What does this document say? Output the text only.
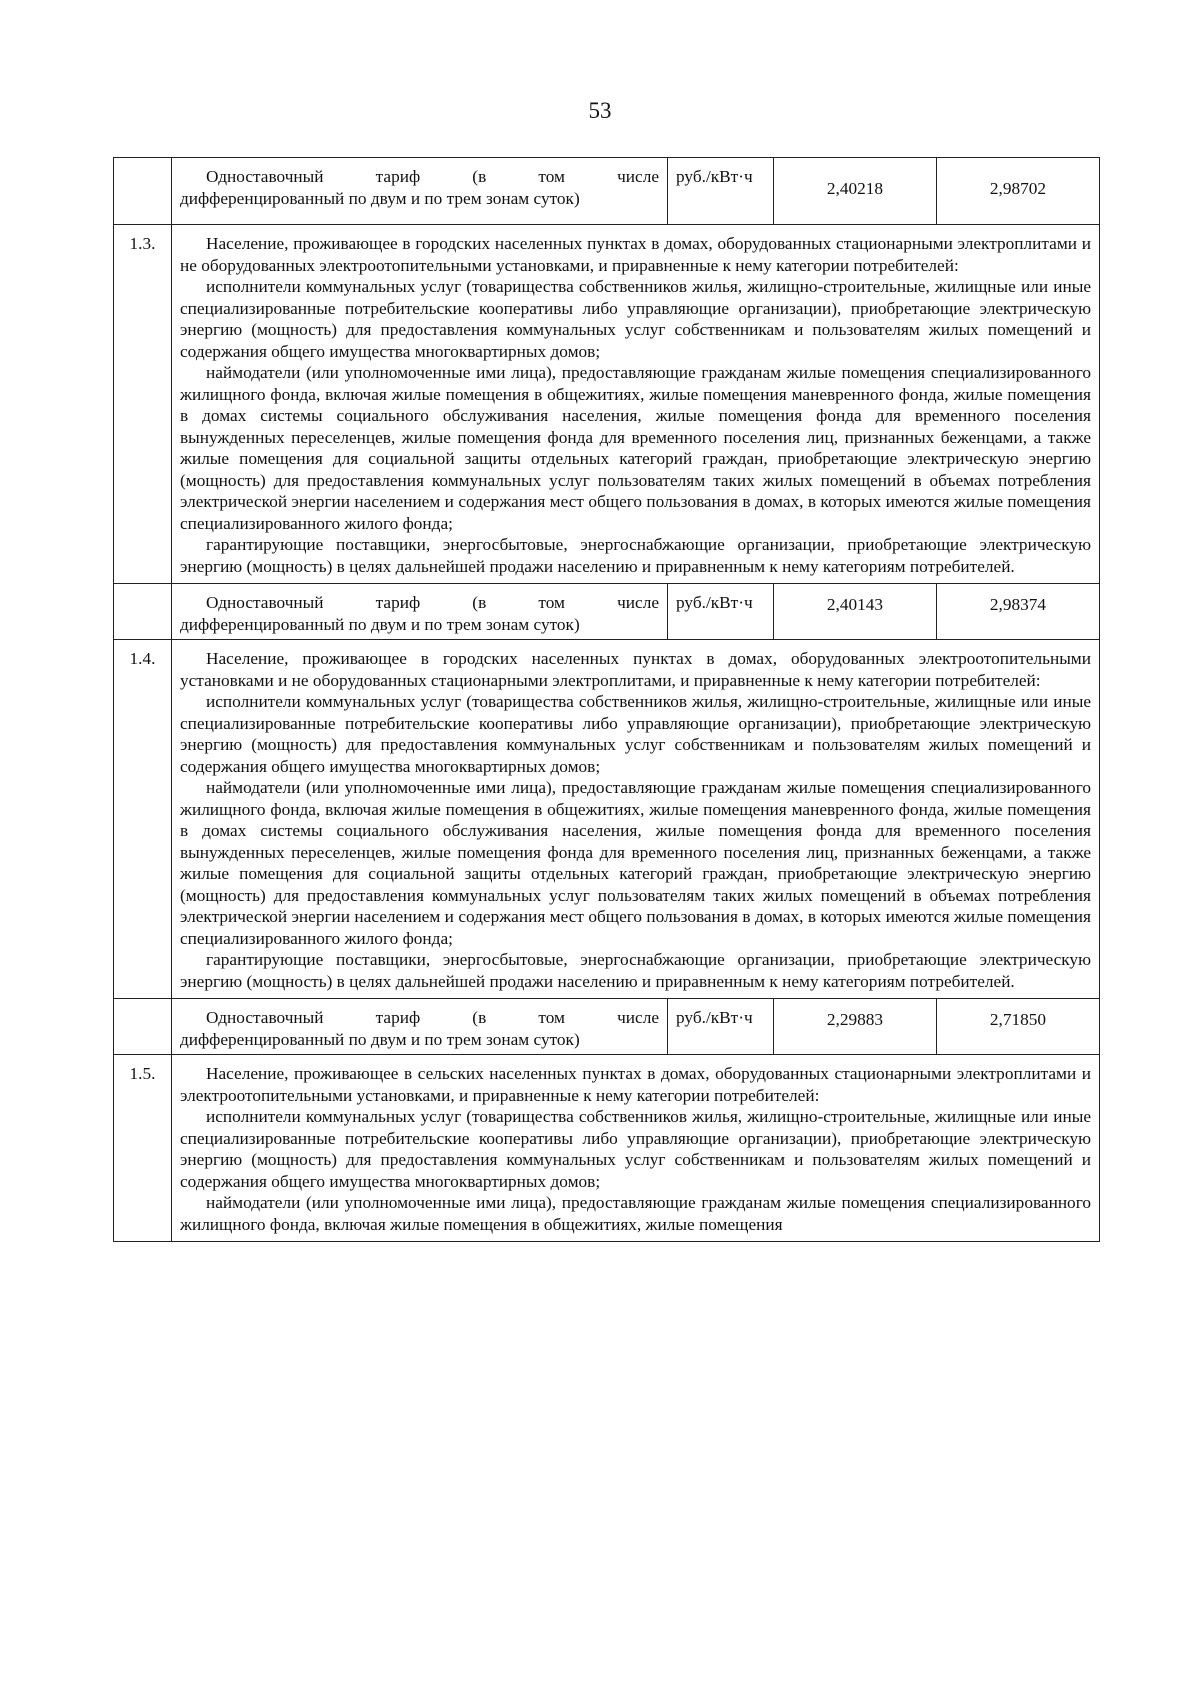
53

	Одноставочный тариф (в том числе
дифференцированный по двум и по трем зонам суток)	руб./кВт·ч	2,40218	2,98702
1.3.	Население, проживающее в городских населенных пунктах в домах, оборудованных стационарными электроплитами и не оборудованных электроотопительными установками, и приравненные к нему категории потребителей:

исполнители коммунальных услуг (товарищества собственников жилья, жилищно-строительные, жилищные или иные специализированные потребительские кооперативы либо управляющие организации), приобретающие электрическую энергию (мощность) для предоставления коммунальных услуг собственникам и пользователям жилых помещений и содержания общего имущества многоквартирных домов;

наймодатели (или уполномоченные ими лица), предоставляющие гражданам жилые помещения специализированного жилищного фонда, включая жилые помещения в общежитиях, жилые помещения маневренного фонда, жилые помещения в домах системы социального обслуживания населения, жилые помещения фонда для временного поселения вынужденных переселенцев, жилые помещения фонда для временного поселения лиц, признанных беженцами, а также жилые помещения для социальной защиты отдельных категорий граждан, приобретающие электрическую энергию (мощность) для предоставления коммунальных услуг пользователям таких жилых помещений в объемах потребления электрической энергии населением и содержания мест общего пользования в домах, в которых имеются жилые помещения специализированного жилого фонда;

гарантирующие поставщики, энергосбытовые, энергоснабжающие организации, приобретающие электрическую энергию (мощность) в целях дальнейшей продажи населению и приравненным к нему категориям потребителей.			

	Одноставочный тариф (в том числе
дифференцированный по двум и по трем зонам суток)	руб./кВт·ч	2,40143	2,98374
1.4.	Население, проживающее в городских населенных пунктах в домах, оборудованных электроотопительными установками и не оборудованных стационарными электроплитами, и приравненные к нему категории потребителей:

исполнители коммунальных услуг (товарищества собственников жилья, жилищно-строительные, жилищные или иные специализированные потребительские кооперативы либо управляющие организации), приобретающие электрическую энергию (мощность) для предоставления коммунальных услуг собственникам и пользователям жилых помещений и содержания общего имущества многоквартирных домов;

наймодатели (или уполномоченные ими лица), предоставляющие гражданам жилые помещения специализированного жилищного фонда, включая жилые помещения в общежитиях, жилые помещения маневренного фонда, жилые помещения в домах системы социального обслуживания населения, жилые помещения фонда для временного поселения вынужденных переселенцев, жилые помещения фонда для временного поселения лиц, признанных беженцами, а также жилые помещения для социальной защиты отдельных категорий граждан, приобретающие электрическую энергию (мощность) для предоставления коммунальных услуг пользователям таких жилых помещений в объемах потребления электрической энергии населением и содержания мест общего пользования в домах, в которых имеются жилые помещения специализированного жилого фонда;

гарантирующие поставщики, энергосбытовые, энергоснабжающие организации, приобретающие электрическую энергию (мощность) в целях дальнейшей продажи населению и приравненным к нему категориям потребителей.			

	Одноставочный тариф (в том числе
дифференцированный по двум и по трем зонам суток)	руб./кВт·ч	2,29883	2,71850
1.5.	Население, проживающее в сельских населенных пунктах в домах, оборудованных стационарными электроплитами и электроотопительными установками, и приравненные к нему категории потребителей:

исполнители коммунальных услуг (товарищества собственников жилья, жилищно-строительные, жилищные или иные специализированные потребительские кооперативы либо управляющие организации), приобретающие электрическую энергию (мощность) для предоставления коммунальных услуг собственникам и пользователям жилых помещений и содержания общего имущества многоквартирных домов;

наймодатели (или уполномоченные ими лица), предоставляющие гражданам жилые помещения специализированного жилищного фонда, включая жилые помещения в общежитиях, жилые помещения			
